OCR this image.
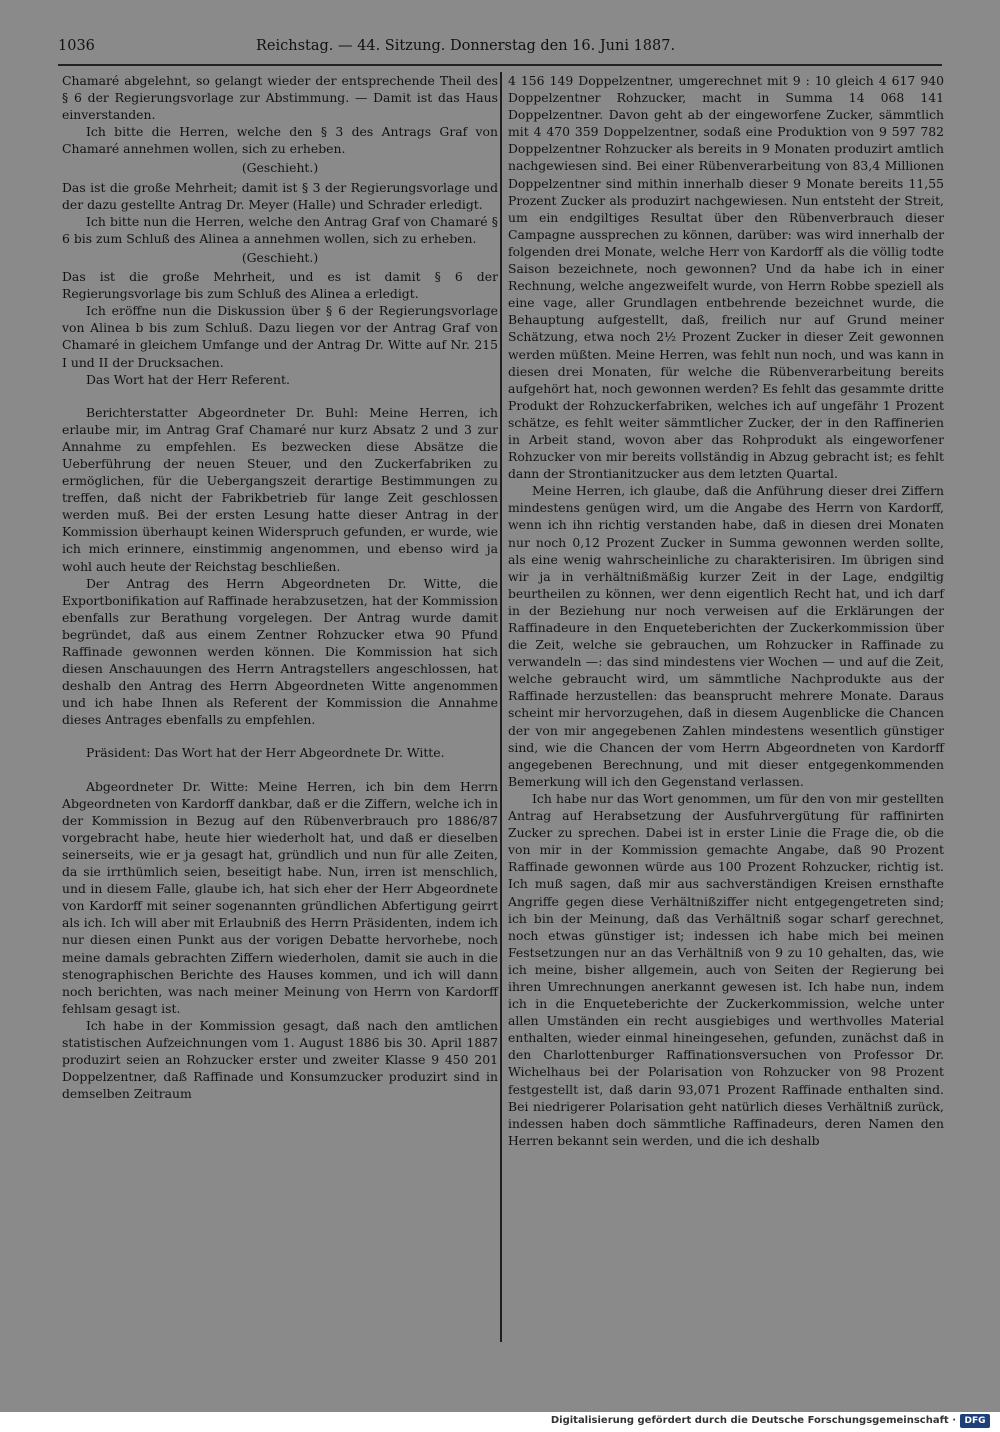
1036	Reichstag. — 44. Sitzung. Donnerstag den 16. Juni 1887.

Chamaré abgelehnt, so gelangt wieder der entsprechende Theil des § 6 der Regierungsvorlage zur Abstimmung. — Damit ist das Haus einverstanden.

Ich bitte die Herren, welche den § 3 des Antrags Graf von Chamaré annehmen wollen, sich zu erheben.

(Geschieht.)

Das ist die große Mehrheit; damit ist § 3 der Regierungsvorlage und der dazu gestellte Antrag Dr. Meyer (Halle) und Schrader erledigt.

Ich bitte nun die Herren, welche den Antrag Graf von Chamaré § 6 bis zum Schluß des Alinea a annehmen wollen, sich zu erheben.

(Geschieht.)

Das ist die große Mehrheit, und es ist damit § 6 der Regierungsvorlage bis zum Schluß des Alinea a erledigt.

Ich eröffne nun die Diskussion über § 6 der Regierungsvorlage von Alinea b bis zum Schluß. Dazu liegen vor der Antrag Graf von Chamaré in gleichem Umfange und der Antrag Dr. Witte auf Nr. 215 I und II der Drucksachen.

Das Wort hat der Herr Referent.

Berichterstatter Abgeordneter Dr. Buhl: Meine Herren, ich erlaube mir, im Antrag Graf Chamaré nur kurz Absatz 2 und 3 zur Annahme zu empfehlen. Es bezwecken diese Absätze die Ueberführung der neuen Steuer, und den Zuckerfabriken zu ermöglichen, für die Uebergangszeit derartige Bestimmungen zu treffen, daß nicht der Fabrikbetrieb für lange Zeit geschlossen werden muß. Bei der ersten Lesung hatte dieser Antrag in der Kommission überhaupt keinen Widerspruch gefunden, er wurde, wie ich mich erinnere, einstimmig angenommen, und ebenso wird ja wohl auch heute der Reichstag beschließen.

Der Antrag des Herrn Abgeordneten Dr. Witte, die Exportbonifikation auf Raffinade herabzusetzen, hat der Kommission ebenfalls zur Berathung vorgelegen. Der Antrag wurde damit begründet, daß aus einem Zentner Rohzucker etwa 90 Pfund Raffinade gewonnen werden können. Die Kommission hat sich diesen Anschauungen des Herrn Antragstellers angeschlossen, hat deshalb den Antrag des Herrn Abgeordneten Witte angenommen und ich habe Ihnen als Referent der Kommission die Annahme dieses Antrages ebenfalls zu empfehlen.

Präsident: Das Wort hat der Herr Abgeordnete Dr. Witte.

Abgeordneter Dr. Witte: Meine Herren, ich bin dem Herrn Abgeordneten von Kardorff dankbar, daß er die Ziffern, welche ich in der Kommission in Bezug auf den Rübenverbrauch pro 1886/87 vorgebracht habe, heute hier wiederholt hat, und daß er dieselben seinerseits, wie er ja gesagt hat, gründlich und nun für alle Zeiten, da sie irrthümlich seien, beseitigt habe. Nun, irren ist menschlich, und in diesem Falle, glaube ich, hat sich eher der Herr Abgeordnete von Kardorff mit seiner sogenannten gründlichen Abfertigung geirrt als ich. Ich will aber mit Erlaubniß des Herrn Präsidenten, indem ich nur diesen einen Punkt aus der vorigen Debatte hervorhebe, noch meine damals gebrachten Ziffern wiederholen, damit sie auch in die stenographischen Berichte des Hauses kommen, und ich will dann noch berichten, was nach meiner Meinung von Herrn von Kardorff fehlsam gesagt ist.

Ich habe in der Kommission gesagt, daß nach den amtlichen statistischen Aufzeichnungen vom 1. August 1886 bis 30. April 1887 produzirt seien an Rohzucker erster und zweiter Klasse 9 450 201 Doppelzentner, daß Raffinade und Konsumzucker produzirt sind in demselben Zeitraum

4 156 149 Doppelzentner, umgerechnet mit 9 : 10 gleich 4 617 940 Doppelzentner Rohzucker, macht in Summa 14 068 141 Doppelzentner. Davon geht ab der eingeworfene Zucker, sämmtlich mit 4 470 359 Doppelzentner, sodaß eine Produktion von 9 597 782 Doppelzentner Rohzucker als bereits in 9 Monaten produzirt amtlich nachgewiesen sind. Bei einer Rübenverarbeitung von 83,4 Millionen Doppelzentner sind mithin innerhalb dieser 9 Monate bereits 11,55 Prozent Zucker als produzirt nachgewiesen. Nun entsteht der Streit, um ein endgiltiges Resultat über den Rübenverbrauch dieser Campagne aussprechen zu können, darüber: was wird innerhalb der folgenden drei Monate, welche Herr von Kardorff als die völlig todte Saison bezeichnete, noch gewonnen? Und da habe ich in einer Rechnung, welche angezweifelt wurde, von Herrn Robbe speziell als eine vage, aller Grundlagen entbehrende bezeichnet wurde, die Behauptung aufgestellt, daß, freilich nur auf Grund meiner Schätzung, etwa noch 2½ Prozent Zucker in dieser Zeit gewonnen werden müßten. Meine Herren, was fehlt nun noch, und was kann in diesen drei Monaten, für welche die Rübenverarbeitung bereits aufgehört hat, noch gewonnen werden? Es fehlt das gesammte dritte Produkt der Rohzuckerfabriken, welches ich auf ungefähr 1 Prozent schätze, es fehlt weiter sämmtlicher Zucker, der in den Raffinerien in Arbeit stand, wovon aber das Rohprodukt als eingeworfener Rohzucker von mir bereits vollständig in Abzug gebracht ist; es fehlt dann der Strontianitzucker aus dem letzten Quartal.

Meine Herren, ich glaube, daß die Anführung dieser drei Ziffern mindestens genügen wird, um die Angabe des Herrn von Kardorff, wenn ich ihn richtig verstanden habe, daß in diesen drei Monaten nur noch 0,12 Prozent Zucker in Summa gewonnen werden sollte, als eine wenig wahrscheinliche zu charakterisiren. Im übrigen sind wir ja in verhältnißmäßig kurzer Zeit in der Lage, endgiltig beurtheilen zu können, wer denn eigentlich Recht hat, und ich darf in der Beziehung nur noch verweisen auf die Erklärungen der Raffinadeure in den Enqueteberichten der Zuckerkommission über die Zeit, welche sie gebrauchen, um Rohzucker in Raffinade zu verwandeln —: das sind mindestens vier Wochen — und auf die Zeit, welche gebraucht wird, um sämmtliche Nachprodukte aus der Raffinade herzustellen: das beansprucht mehrere Monate. Daraus scheint mir hervorzugehen, daß in diesem Augenblicke die Chancen der von mir angegebenen Zahlen mindestens wesentlich günstiger sind, wie die Chancen der vom Herrn Abgeordneten von Kardorff angegebenen Berechnung, und mit dieser entgegenkommenden Bemerkung will ich den Gegenstand verlassen.

Ich habe nur das Wort genommen, um für den von mir gestellten Antrag auf Herabsetzung der Ausfuhrvergütung für raffinirten Zucker zu sprechen. Dabei ist in erster Linie die Frage die, ob die von mir in der Kommission gemachte Angabe, daß 90 Prozent Raffinade gewonnen würde aus 100 Prozent Rohzucker, richtig ist. Ich muß sagen, daß mir aus sachverständigen Kreisen ernsthafte Angriffe gegen diese Verhältnißziffer nicht entgegengetreten sind; ich bin der Meinung, daß das Verhältniß sogar scharf gerechnet, noch etwas günstiger ist; indessen ich habe mich bei meinen Festsetzungen nur an das Verhältniß von 9 zu 10 gehalten, das, wie ich meine, bisher allgemein, auch von Seiten der Regierung bei ihren Umrechnungen anerkannt gewesen ist. Ich habe nun, indem ich in die Enqueteberichte der Zuckerkommission, welche unter allen Umständen ein recht ausgiebiges und werthvolles Material enthalten, wieder einmal hineingesehen, gefunden, zunächst daß in den Charlottenburger Raffinationsversuchen von Professor Dr. Wichelhaus bei der Polarisation von Rohzucker von 98 Prozent festgestellt ist, daß darin 93,071 Prozent Raffinade enthalten sind. Bei niedrigerer Polarisation geht natürlich dieses Verhältniß zurück, indessen haben doch sämmtliche Raffinadeurs, deren Namen den Herren bekannt sein werden, und die ich deshalb

Digitalisierung gefördert durch die Deutsche Forschungsgemeinschaft · DFG
